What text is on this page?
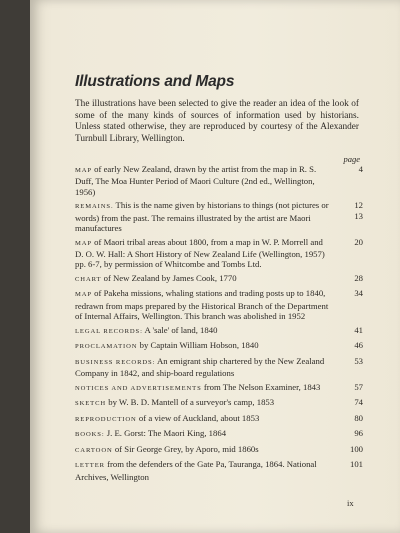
Illustrations and Maps

The illustrations have been selected to give the reader an idea of the look of some of the many kinds of sources of information used by historians. Unless stated otherwise, they are reproduced by courtesy of the Alexander Turnbull Library, Wellington.

page
MAP of early New Zealand, drawn by the artist from the map in R. S. Duff, The Moa Hunter Period of Maori Culture (2nd ed., Wellington, 1956)
4
REMAINS. This is the name given by historians to things (not pictures or words) from the past. The remains illustrated by the artist are Maori manufactures
12
13
MAP of Maori tribal areas about 1800, from a map in W. P. Morrell and D. O. W. Hall: A Short History of New Zealand Life (Wellington, 1957) pp. 6-7, by permission of Whitcombe and Tombs Ltd.
20
CHART of New Zealand by James Cook, 1770	28
MAP of Pakeha missions, whaling stations and trading posts up to 1840, redrawn from maps prepared by the Historical Branch of the Department of Internal Affairs, Wellington. This branch was abolished in 1952
34
LEGAL RECORDS: A 'sale' of land, 1840	41
PROCLAMATION by Captain William Hobson, 1840	46
BUSINESS RECORDS: An emigrant ship chartered by the New Zealand Company in 1842, and ship-board regulations
53
NOTICES AND ADVERTISEMENTS from The Nelson Examiner, 1843	57
SKETCH by W. B. D. Mantell of a surveyor's camp, 1853	74
REPRODUCTION of a view of Auckland, about 1853	80
BOOKS: J. E. Gorst: The Maori King, 1864	96
CARTOON of Sir George Grey, by Aporo, mid 1860s	100
LETTER from the defenders of the Gate Pa, Tauranga, 1864. National Archives, Wellington
101
ix
